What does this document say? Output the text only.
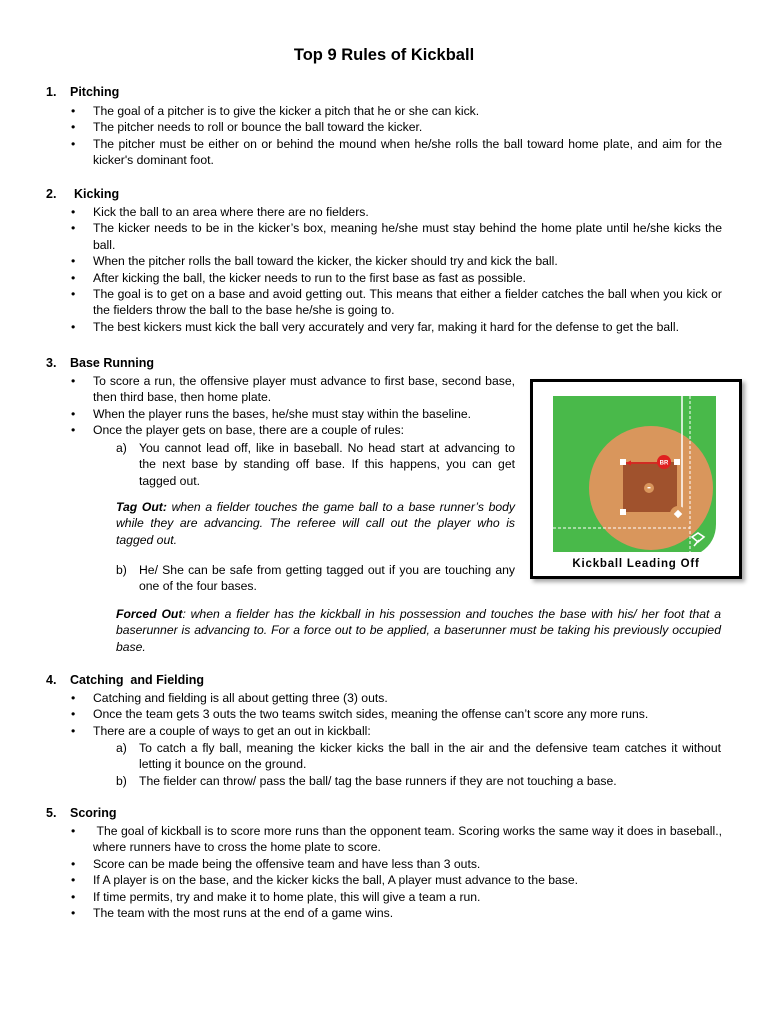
Top 9 Rules of Kickball
1. Pitching
• The goal of a pitcher is to give the kicker a pitch that he or she can kick.
• The pitcher needs to roll or bounce the ball toward the kicker.
• The pitcher must be either on or behind the mound when he/she rolls the ball toward home plate, and aim for the kicker's dominant foot.
2. Kicking
• Kick the ball to an area where there are no fielders.
• The kicker needs to be in the kicker’s box, meaning he/she must stay behind the home plate until he/she kicks the ball.
• When the pitcher rolls the ball toward the kicker, the kicker should try and kick the ball.
• After kicking the ball, the kicker needs to run to the first base as fast as possible.
• The goal is to get on a base and avoid getting out. This means that either a fielder catches the ball when you kick or the fielders throw the ball to the base he/she is going to.
• The best kickers must kick the ball very accurately and very far, making it hard for the defense to get the ball.
3. Base Running
• To score a run, the offensive player must advance to first base, second base, then third base, then home plate.
• When the player runs the bases, he/she must stay within the baseline.
• Once the player gets on base, there are a couple of rules:
a) You cannot lead off, like in baseball. No head start at advancing to the next base by standing off base. If this happens, you can get tagged out.
Tag Out: when a fielder touches the game ball to a base runner’s body while they are advancing. The referee will call out the player who is tagged out.
b) He/ She can be safe from getting tagged out if you are touching any one of the four bases.
Forced Out: when a fielder has the kickball in his possession and touches the base with his/ her foot that a baserunner is advancing to. For a force out to be applied, a baserunner must be taking his previously occupied base.
BR
Kickball Leading Off
4. Catching  and Fielding
• Catching and fielding is all about getting three (3) outs.
• Once the team gets 3 outs the two teams switch sides, meaning the offense can’t score any more runs.
• There are a couple of ways to get an out in kickball:
a) To catch a fly ball, meaning the kicker kicks the ball in the air and the defensive team catches it without letting it bounce on the ground.
b) The fielder can throw/ pass the ball/ tag the base runners if they are not touching a base.
5. Scoring
•  The goal of kickball is to score more runs than the opponent team. Scoring works the same way it does in baseball., where runners have to cross the home plate to score.
• Score can be made being the offensive team and have less than 3 outs.
• If A player is on the base, and the kicker kicks the ball, A player must advance to the base.
• If time permits, try and make it to home plate, this will give a team a run.
• The team with the most runs at the end of a game wins.
